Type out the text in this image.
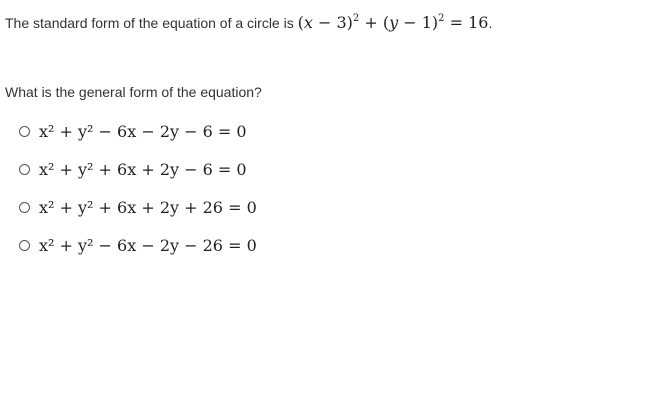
The standard form of the equation of a circle is $(x - 3)^2 + (y - 1)^2 = 16$.
What is the general form of the equation?
x² + y² − 6x − 2y − 6 = 0
x² + y² + 6x + 2y − 6 = 0
x² + y² + 6x + 2y + 26 = 0
x² + y² − 6x − 2y − 26 = 0
